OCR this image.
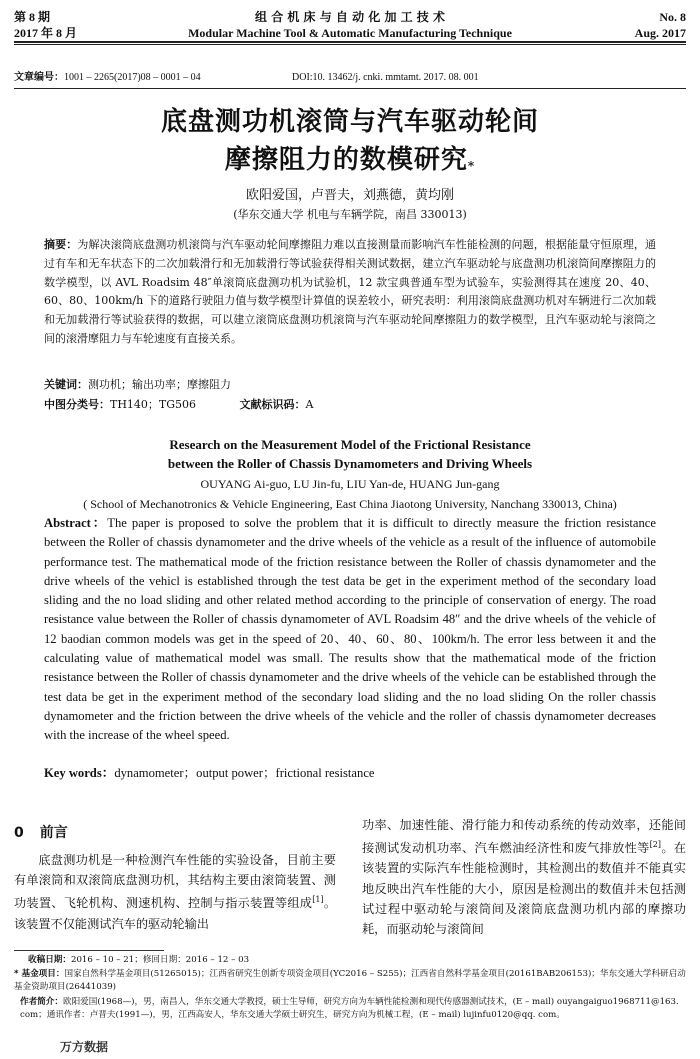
第 8 期
2017 年 8 月
组 合 机 床 与 自 动 化 加 工 技 术
Modular Machine Tool & Automatic Manufacturing Technique
No. 8
Aug. 2017
文章编号：1001 – 2265(2017)08 – 0001 – 04	DOI:10. 13462/j. cnki. mmtamt. 2017. 08. 001
底盘测功机滚筒与汽车驱动轮间
摩擦阻力的数模研究*
欧阳爱国，卢晋夫，刘燕德，黄均刚
(华东交通大学 机电与车辆学院，南昌 330013)
摘要：为解决滚筒底盘测功机滚筒与汽车驱动轮间摩擦阻力难以直接测量而影响汽车性能检测的问题，根据能量守恒原理，通过有车和无车状态下的二次加载滑行和无加载滑行等试验获得相关测试数据，建立汽车驱动轮与底盘测功机滚筒间摩擦阻力的数学模型，以 AVL Roadsim 48″单滚筒底盘测功机为试验机，12 款宝典普通车型为试验车，实验测得其在速度 20、40、60、80、100km/h 下的道路行驶阻力值与数学模型计算值的误差较小，研究表明：利用滚筒底盘测功机对车辆进行二次加载和无加载滑行等试验获得的数据，可以建立滚筒底盘测功机滚筒与汽车驱动轮间摩擦阻力的数学模型，且汽车驱动轮与滚筒之间的滚滑摩阻力与车轮速度有直接关系。
关键词：测功机；输出功率；摩擦阻力
中图分类号：TH140；TG506	文献标识码：A
Research on the Measurement Model of the Frictional Resistance
between the Roller of Chassis Dynamometers and Driving Wheels
OUYANG Ai-guo, LU Jin-fu, LIU Yan-de, HUANG Jun-gang
( School of Mechanotronics & Vehicle Engineering, East China Jiaotong University, Nanchang 330013, China)
Abstract：The paper is proposed to solve the problem that it is difficult to directly measure the friction resistance between the Roller of chassis dynamometer and the drive wheels of the vehicle as a result of the influence of automobile performance test. The mathematical mode of the friction resistance between the Roller of chassis dynamometer and the drive wheels of the vehicl is established through the test data be get in the experiment method of the secondary load sliding and the no load sliding and other related method according to the principle of conservation of energy. The road resistance value between the Roller of chassis dynamometer of AVL Roadsim 48″ and the drive wheels of the vehicle of 12 baodian common models was get in the speed of 20、40、60、80、100km/h. The error less between it and the calculating value of mathematical model was small. The results show that the mathematical mode of the friction resistance between the Roller of chassis dynamometer and the drive wheels of the vehicle can be established through the test data be get in the experiment method of the secondary load sliding and the no load sliding On the roller chassis dynamometer and the friction between the drive wheels of the vehicle and the roller of chassis dynamometer decreases with the increase of the wheel speed.
Key words：dynamometer；output power；frictional resistance
0 前言

底盘测功机是一种检测汽车性能的实验设备，目前主要有单滚筒和双滚筒底盘测功机，其结构主要由滚筒装置、测功装置、飞轮机构、测速机构、控制与指示装置等组成[1]。该装置不仅能测试汽车的驱动轮输出

功率、加速性能、滑行能力和传动系统的传动效率，还能间接测试发动机功率、汽车燃油经济性和废气排放性等[2]。在该装置的实际汽车性能检测时，其检测出的数值并不能真实地反映出汽车性能的大小，原因是检测出的数值并未包括测试过程中驱动轮与滚筒间及滚筒底盘测功机内部的摩擦功耗，而驱动轮与滚筒间

收稿日期：2016 – 10 – 21；修回日期：2016 – 12 – 03
* 基金项目：国家自然科学基金项目(51265015)；江西省研究生创新专项资金项目(YC2016 – S255)；江西省自然科学基金项目(20161BAB206153)；华东交通大学科研启动基金资助项目(26441039)
作者简介：欧阳爱国(1968—)，男，南昌人，华东交通大学教授，硕士生导师，研究方向为车辆性能检测和现代传感器测试技术，(E – mail) ouyangaiguo1968711@163. com；通讯作者：卢晋夫(1991—)，男，江西高安人，华东交通大学硕士研究生，研究方向为机械工程，(E – mail) lujinfu0120@qq. com。
万方数据
